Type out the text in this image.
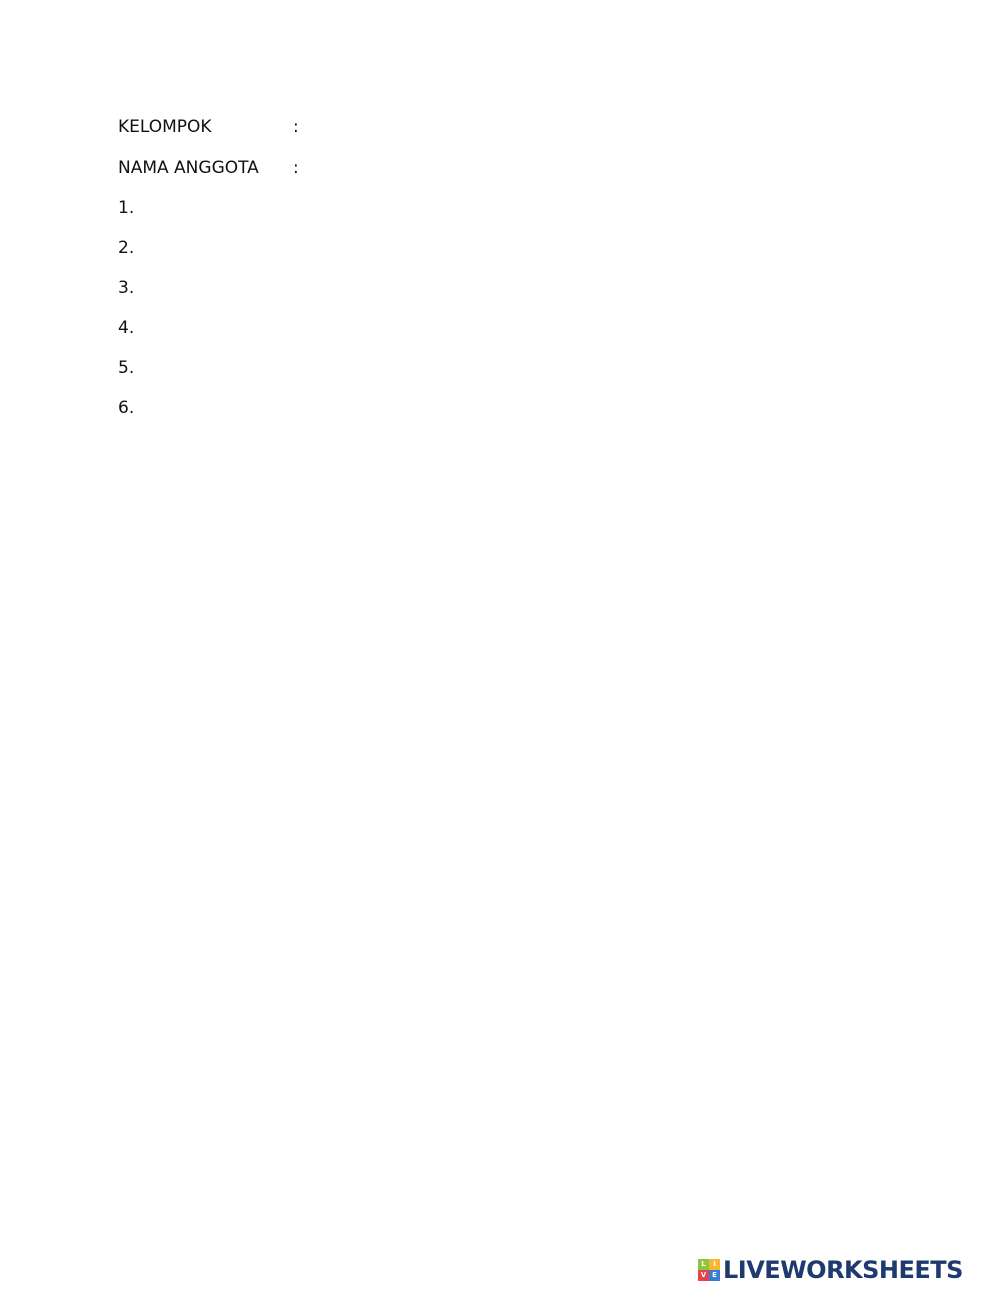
KELOMPOK	:
NAMA ANGGOTA :
1.
2.
3.
4.
5.
6.
L	I
V E LIVEWORKSHEETS
